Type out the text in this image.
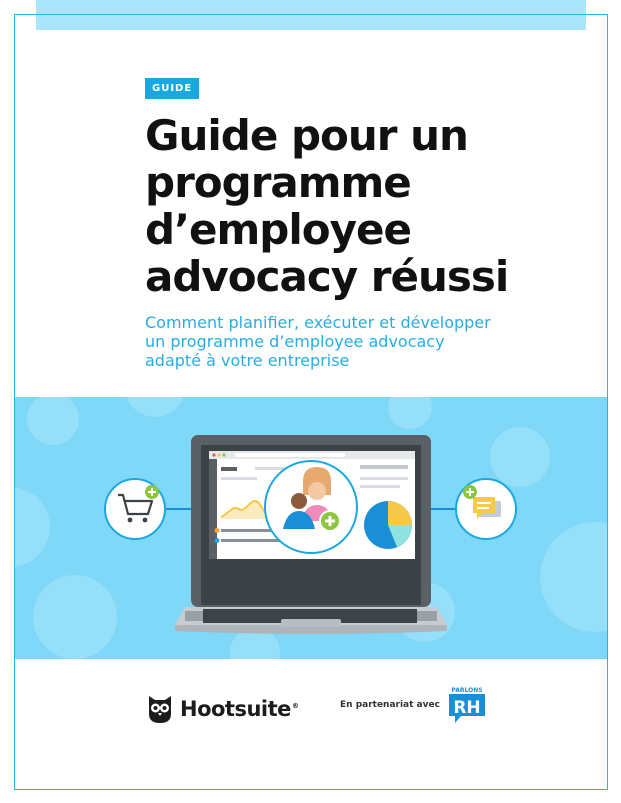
GUIDE
Guide pour un
programme
d’employee
advocacy réussi

Comment planifier, exécuter et développer
un programme d’employee advocacy
adapté à votre entreprise

Hootsuite®	En partenariat avec
PARLONS
RH
